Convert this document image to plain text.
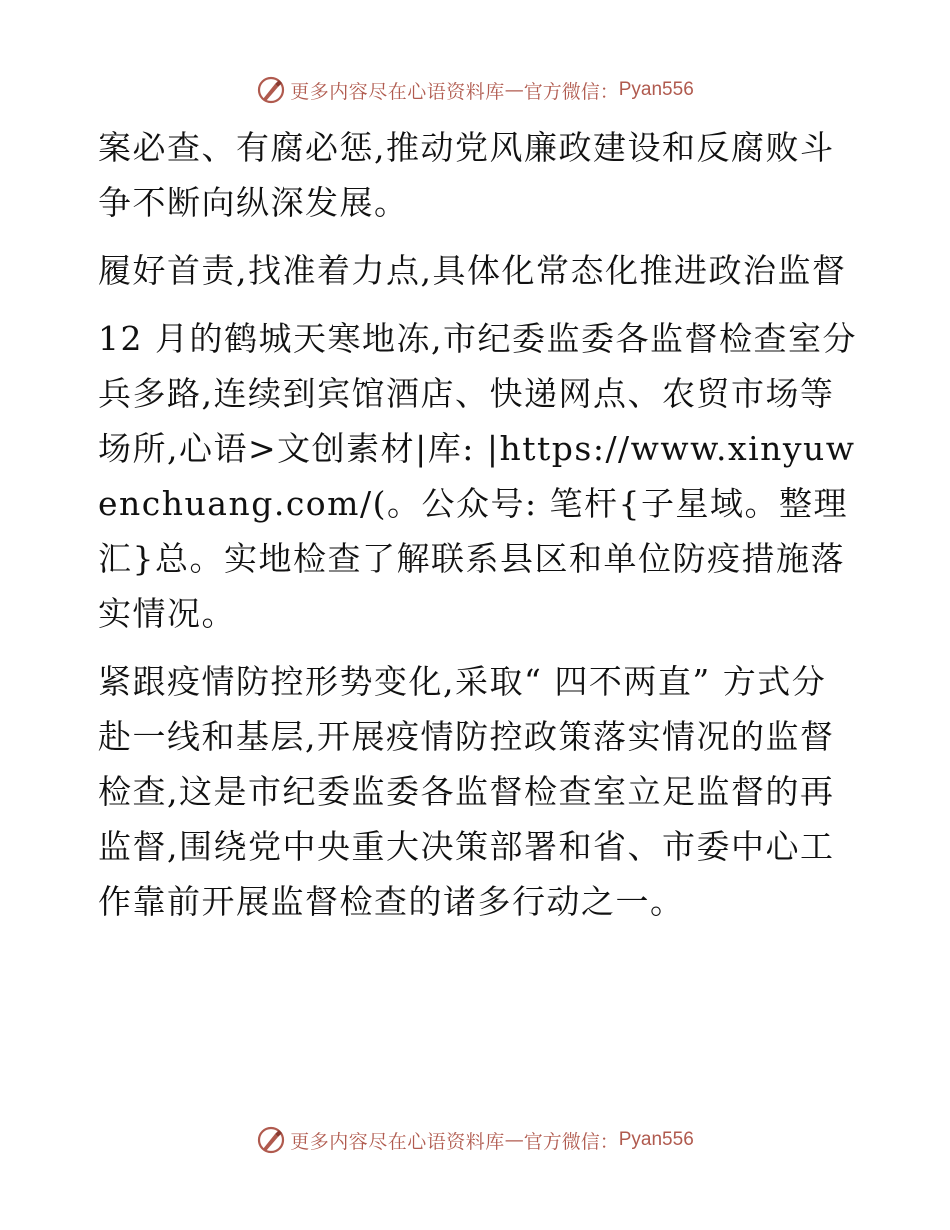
更多内容尽在心语资料库 — 官方微信： Pyan556

案必查、有腐必惩,推动党风廉政建设和反腐败斗争不断向纵深发展。

履好首责,找准着力点,具体化常态化推进政治监督

12 月的鹤城天寒地冻,市纪委监委各监督检查室分兵多路,连续到宾馆酒店、快递网点、农贸市场等场所,心语>文创素材|库: |https://www.xinyuwenchuang.com/(。公众号: 笔杆{子星域。整理汇}总。实地检查了解联系县区和单位防疫措施落实情况。

紧跟疫情防控形势变化,采取“ 四不两直” 方式分赴一线和基层,开展疫情防控政策落实情况的监督检查,这是市纪委监委各监督检查室立足监督的再监督,围绕党中央重大决策部署和省、市委中心工作靠前开展监督检查的诸多行动之一。

更多内容尽在心语资料库 — 官方微信： Pyan556
